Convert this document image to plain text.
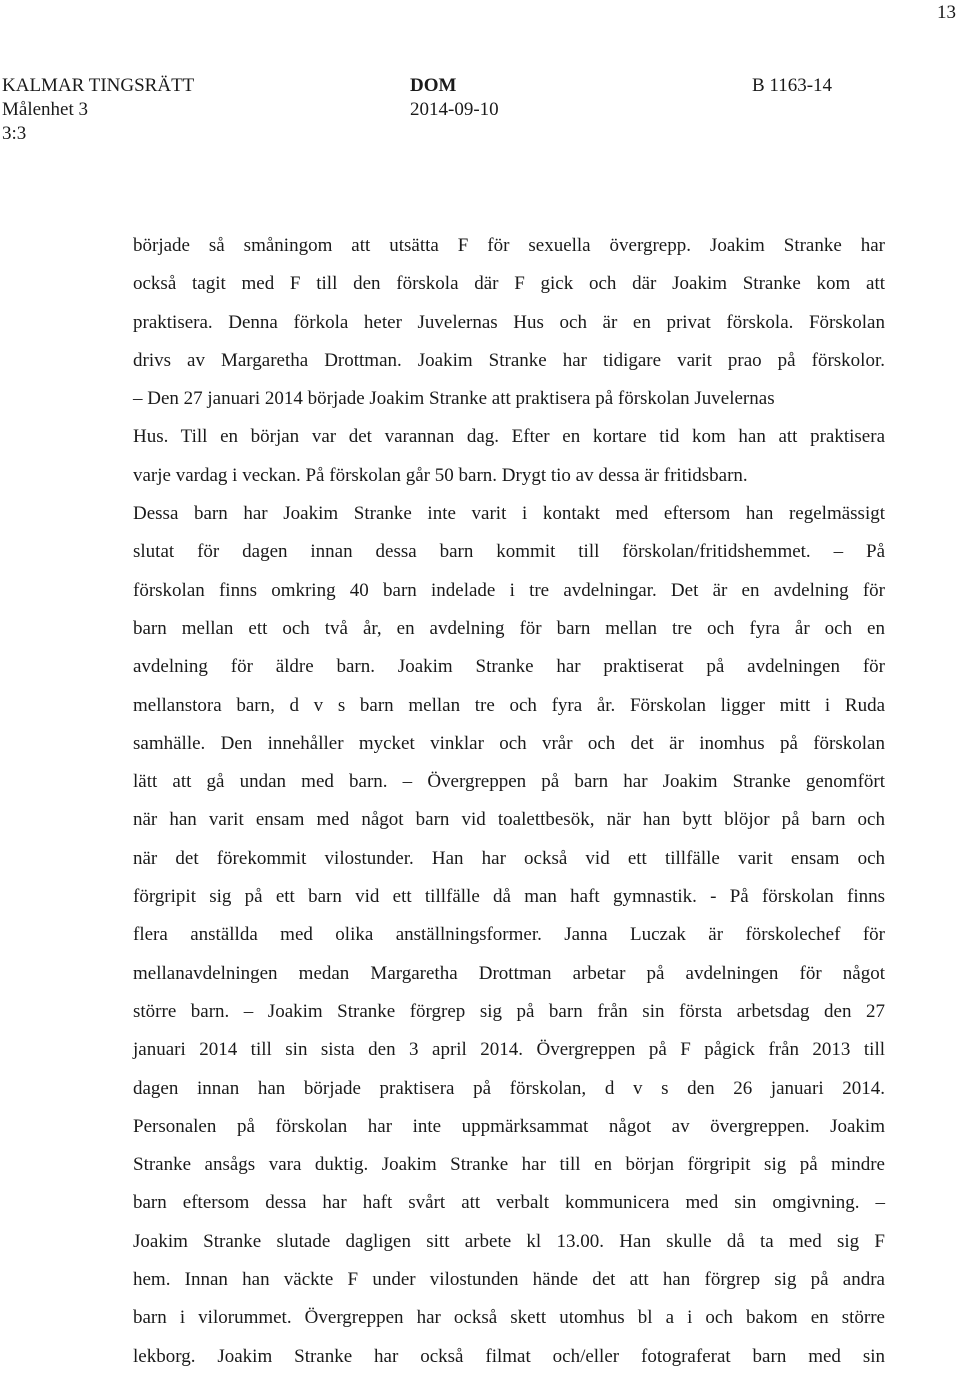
13
KALMAR TINGSRÄTT
Målenhet 3
3:3
DOM
2014-09-10
B 1163-14
började så småningom att utsätta F för sexuella övergrepp. Joakim Stranke har
också tagit med F till den förskola där F gick och där Joakim Stranke kom att
praktisera. Denna förkola heter Juvelernas Hus och är en privat förskola. Förskolan
drivs av Margaretha Drottman. Joakim Stranke har tidigare varit prao på förskolor.
– Den 27 januari 2014 började Joakim Stranke att praktisera på förskolan Juvelernas
Hus. Till en början var det varannan dag. Efter en kortare tid kom han att praktisera
varje vardag i veckan. På förskolan går 50 barn. Drygt tio av dessa är fritidsbarn.
Dessa barn har Joakim Stranke inte varit i kontakt med eftersom han regelmässigt
slutat för dagen innan dessa barn kommit till förskolan/fritidshemmet. – På
förskolan finns omkring 40 barn indelade i tre avdelningar. Det är en avdelning för
barn mellan ett och två år, en avdelning för barn mellan tre och fyra år och en
avdelning för äldre barn. Joakim Stranke har praktiserat på avdelningen för
mellanstora barn, d v s barn mellan tre och fyra år. Förskolan ligger mitt i Ruda
samhälle. Den innehåller mycket vinklar och vrår och det är inomhus på förskolan
lätt att gå undan med barn. – Övergreppen på barn har Joakim Stranke genomfört
när han varit ensam med något barn vid toalettbesök, när han bytt blöjor på barn och
när det förekommit vilostunder. Han har också vid ett tillfälle varit ensam och
förgripit sig på ett barn vid ett tillfälle då man haft gymnastik. - På förskolan finns
flera anställda med olika anställningsformer. Janna Luczak är förskolechef för
mellanavdelningen medan Margaretha Drottman arbetar på avdelningen för något
större barn. – Joakim Stranke förgrep sig på barn från sin första arbetsdag den 27
januari 2014 till sin sista den 3 april 2014. Övergreppen på F pågick från 2013 till
dagen innan han började praktisera på förskolan, d v s den 26 januari 2014.
Personalen på förskolan har inte uppmärksammat något av övergreppen. Joakim
Stranke ansågs vara duktig. Joakim Stranke har till en början förgripit sig på mindre
barn eftersom dessa har haft svårt att verbalt kommunicera med sin omgivning. –
Joakim Stranke slutade dagligen sitt arbete kl 13.00. Han skulle då ta med sig F
hem. Innan han väckte F under vilostunden hände det att han förgrep sig på andra
barn i vilorummet. Övergreppen har också skett utomhus bl a i och bakom en större
lekborg. Joakim Stranke har också filmat och/eller fotograferat barn med sin
